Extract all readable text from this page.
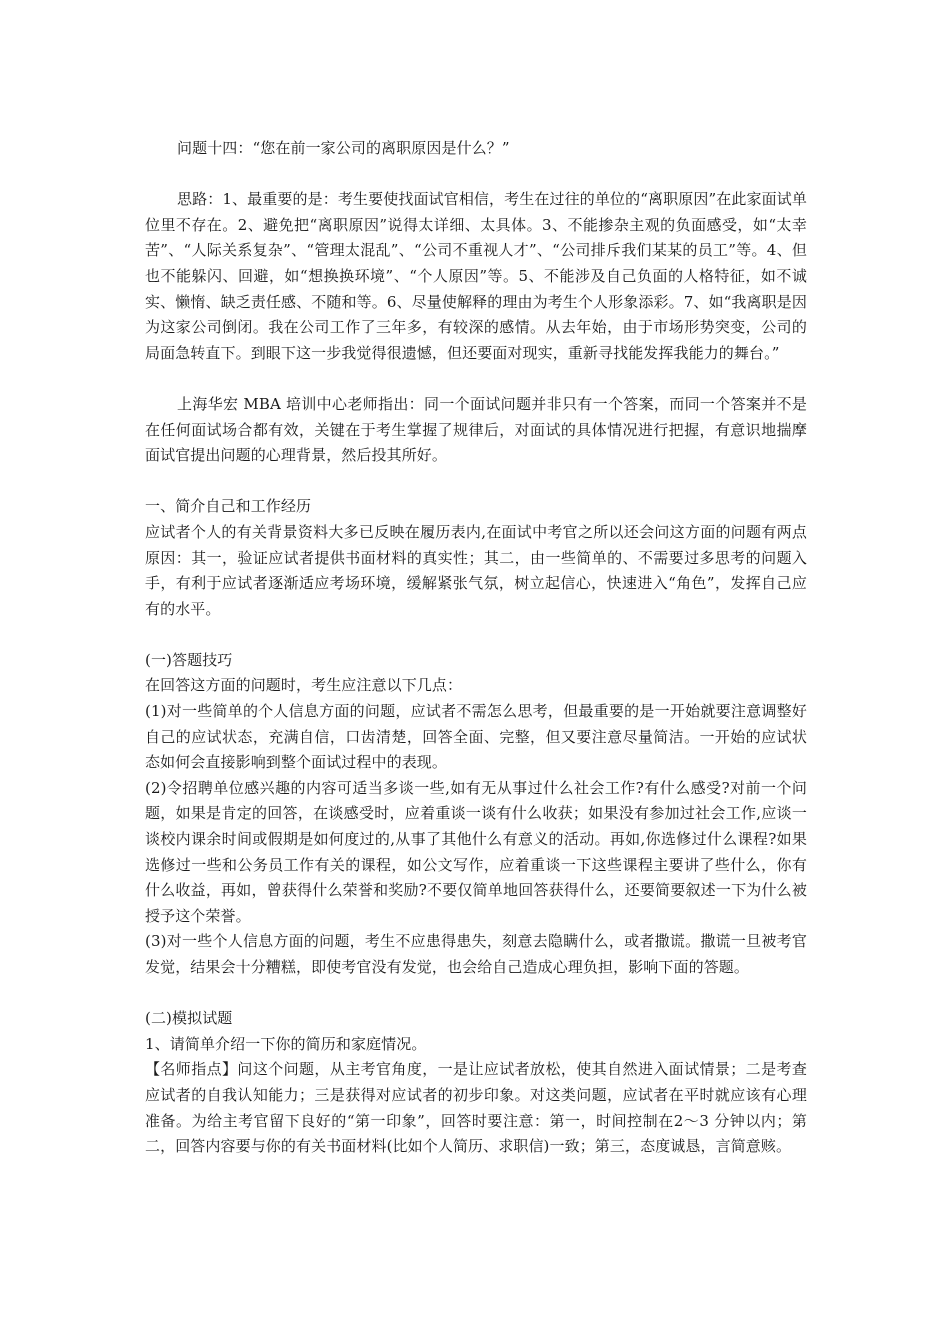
问题十四：“您在前一家公司的离职原因是什么？”

思路：1、最重要的是：考生要使找面试官相信，考生在过往的单位的“离职原因”在此家面试单位里不存在。2、避免把“离职原因”说得太详细、太具体。3、不能掺杂主观的负面感受，如“太幸苦”、“人际关系复杂”、“管理太混乱”、“公司不重视人才”、“公司排斥我们某某的员工”等。4、但也不能躲闪、回避，如“想换换环境”、“个人原因”等。5、不能涉及自己负面的人格特征，如不诚实、懒惰、缺乏责任感、不随和等。6、尽量使解释的理由为考生个人形象添彩。7、如“我离职是因为这家公司倒闭。我在公司工作了三年多，有较深的感情。从去年始，由于市场形势突变，公司的局面急转直下。到眼下这一步我觉得很遗憾，但还要面对现实，重新寻找能发挥我能力的舞台。”

上海华宏 MBA 培训中心老师指出：同一个面试问题并非只有一个答案，而同一个答案并不是在任何面试场合都有效，关键在于考生掌握了规律后，对面试的具体情况进行把握，有意识地揣摩面试官提出问题的心理背景，然后投其所好。

一、简介自己和工作经历

应试者个人的有关背景资料大多已反映在履历表内,在面试中考官之所以还会问这方面的问题有两点原因：其一，验证应试者提供书面材料的真实性；其二，由一些简单的、不需要过多思考的问题入手，有利于应试者逐渐适应考场环境，缓解紧张气氛，树立起信心，快速进入“角色”，发挥自己应有的水平。

(一)答题技巧

在回答这方面的问题时，考生应注意以下几点：

(1)对一些简单的个人信息方面的问题，应试者不需怎么思考，但最重要的是一开始就要注意调整好自己的应试状态，充满自信，口齿清楚，回答全面、完整，但又要注意尽量简洁。一开始的应试状态如何会直接影响到整个面试过程中的表现。

(2)令招聘单位感兴趣的内容可适当多谈一些,如有无从事过什么社会工作?有什么感受?对前一个问题，如果是肯定的回答，在谈感受时，应着重谈一谈有什么收获；如果没有参加过社会工作,应谈一谈校内课余时间或假期是如何度过的,从事了其他什么有意义的活动。再如,你选修过什么课程?如果选修过一些和公务员工作有关的课程，如公文写作，应着重谈一下这些课程主要讲了些什么，你有什么收益，再如，曾获得什么荣誉和奖励?不要仅简单地回答获得什么，还要简要叙述一下为什么被授予这个荣誉。

(3)对一些个人信息方面的问题，考生不应患得患失，刻意去隐瞒什么，或者撒谎。撒谎一旦被考官发觉，结果会十分糟糕，即使考官没有发觉，也会给自己造成心理负担，影响下面的答题。

(二)模拟试题

1、请简单介绍一下你的简历和家庭情况。

【名师指点】问这个问题，从主考官角度，一是让应试者放松，使其自然进入面试情景；二是考查应试者的自我认知能力；三是获得对应试者的初步印象。对这类问题，应试者在平时就应该有心理准备。为给主考官留下良好的“第一印象”，回答时要注意：第一，时间控制在2～3 分钟以内；第二，回答内容要与你的有关书面材料(比如个人简历、求职信)一致；第三，态度诚恳，言简意赅。
